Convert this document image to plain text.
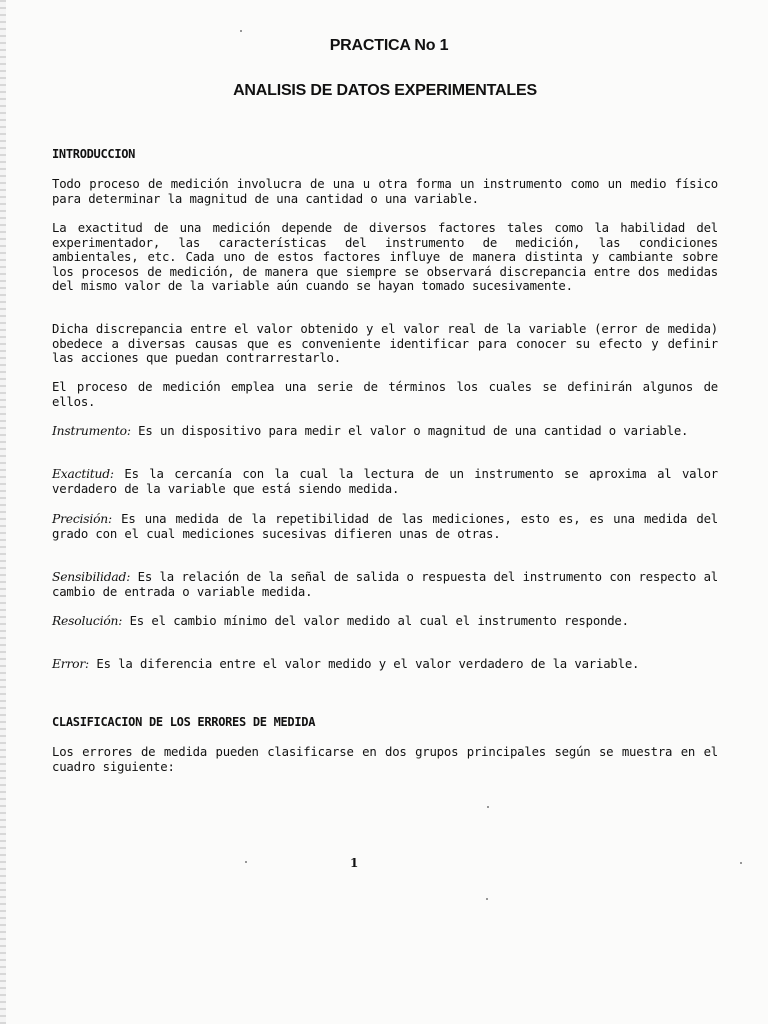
PRACTICA No 1
ANALISIS DE DATOS EXPERIMENTALES
INTRODUCCION
Todo proceso de medición involucra de una u otra forma un instrumento como un medio físico para determinar la magnitud de una cantidad o una variable.
La exactitud de una medición depende de diversos factores tales como la habilidad del experimentador, las características del instrumento de medición, las condiciones ambientales, etc. Cada uno de estos factores influye de manera distinta y cambiante sobre los procesos de medición, de manera que siempre se observará discrepancia entre dos medidas del mismo valor de la variable aún cuando se hayan tomado sucesivamente.
Dicha discrepancia entre el valor obtenido y el valor real de la variable (error de medida) obedece a diversas causas que es conveniente identificar para conocer su efecto y definir las acciones que puedan contrarrestarlo.
El proceso de medición emplea una serie de términos los cuales se definirán algunos de ellos.
Instrumento: Es un dispositivo para medir el valor o magnitud de una cantidad o variable.
Exactitud: Es la cercanía con la cual la lectura de un instrumento se aproxima al valor verdadero de la variable que está siendo medida.
Precisión: Es una medida de la repetibilidad de las mediciones, esto es, es una medida del grado con el cual mediciones sucesivas difieren unas de otras.
Sensibilidad: Es la relación de la señal de salida o respuesta del instrumento con respecto al cambio de entrada o variable medida.
Resolución: Es el cambio mínimo del valor medido al cual el instrumento responde.
Error: Es la diferencia entre el valor medido y el valor verdadero de la variable.
CLASIFICACION DE LOS ERRORES DE MEDIDA
Los errores de medida pueden clasificarse en dos grupos principales según se muestra en el cuadro siguiente:
1
